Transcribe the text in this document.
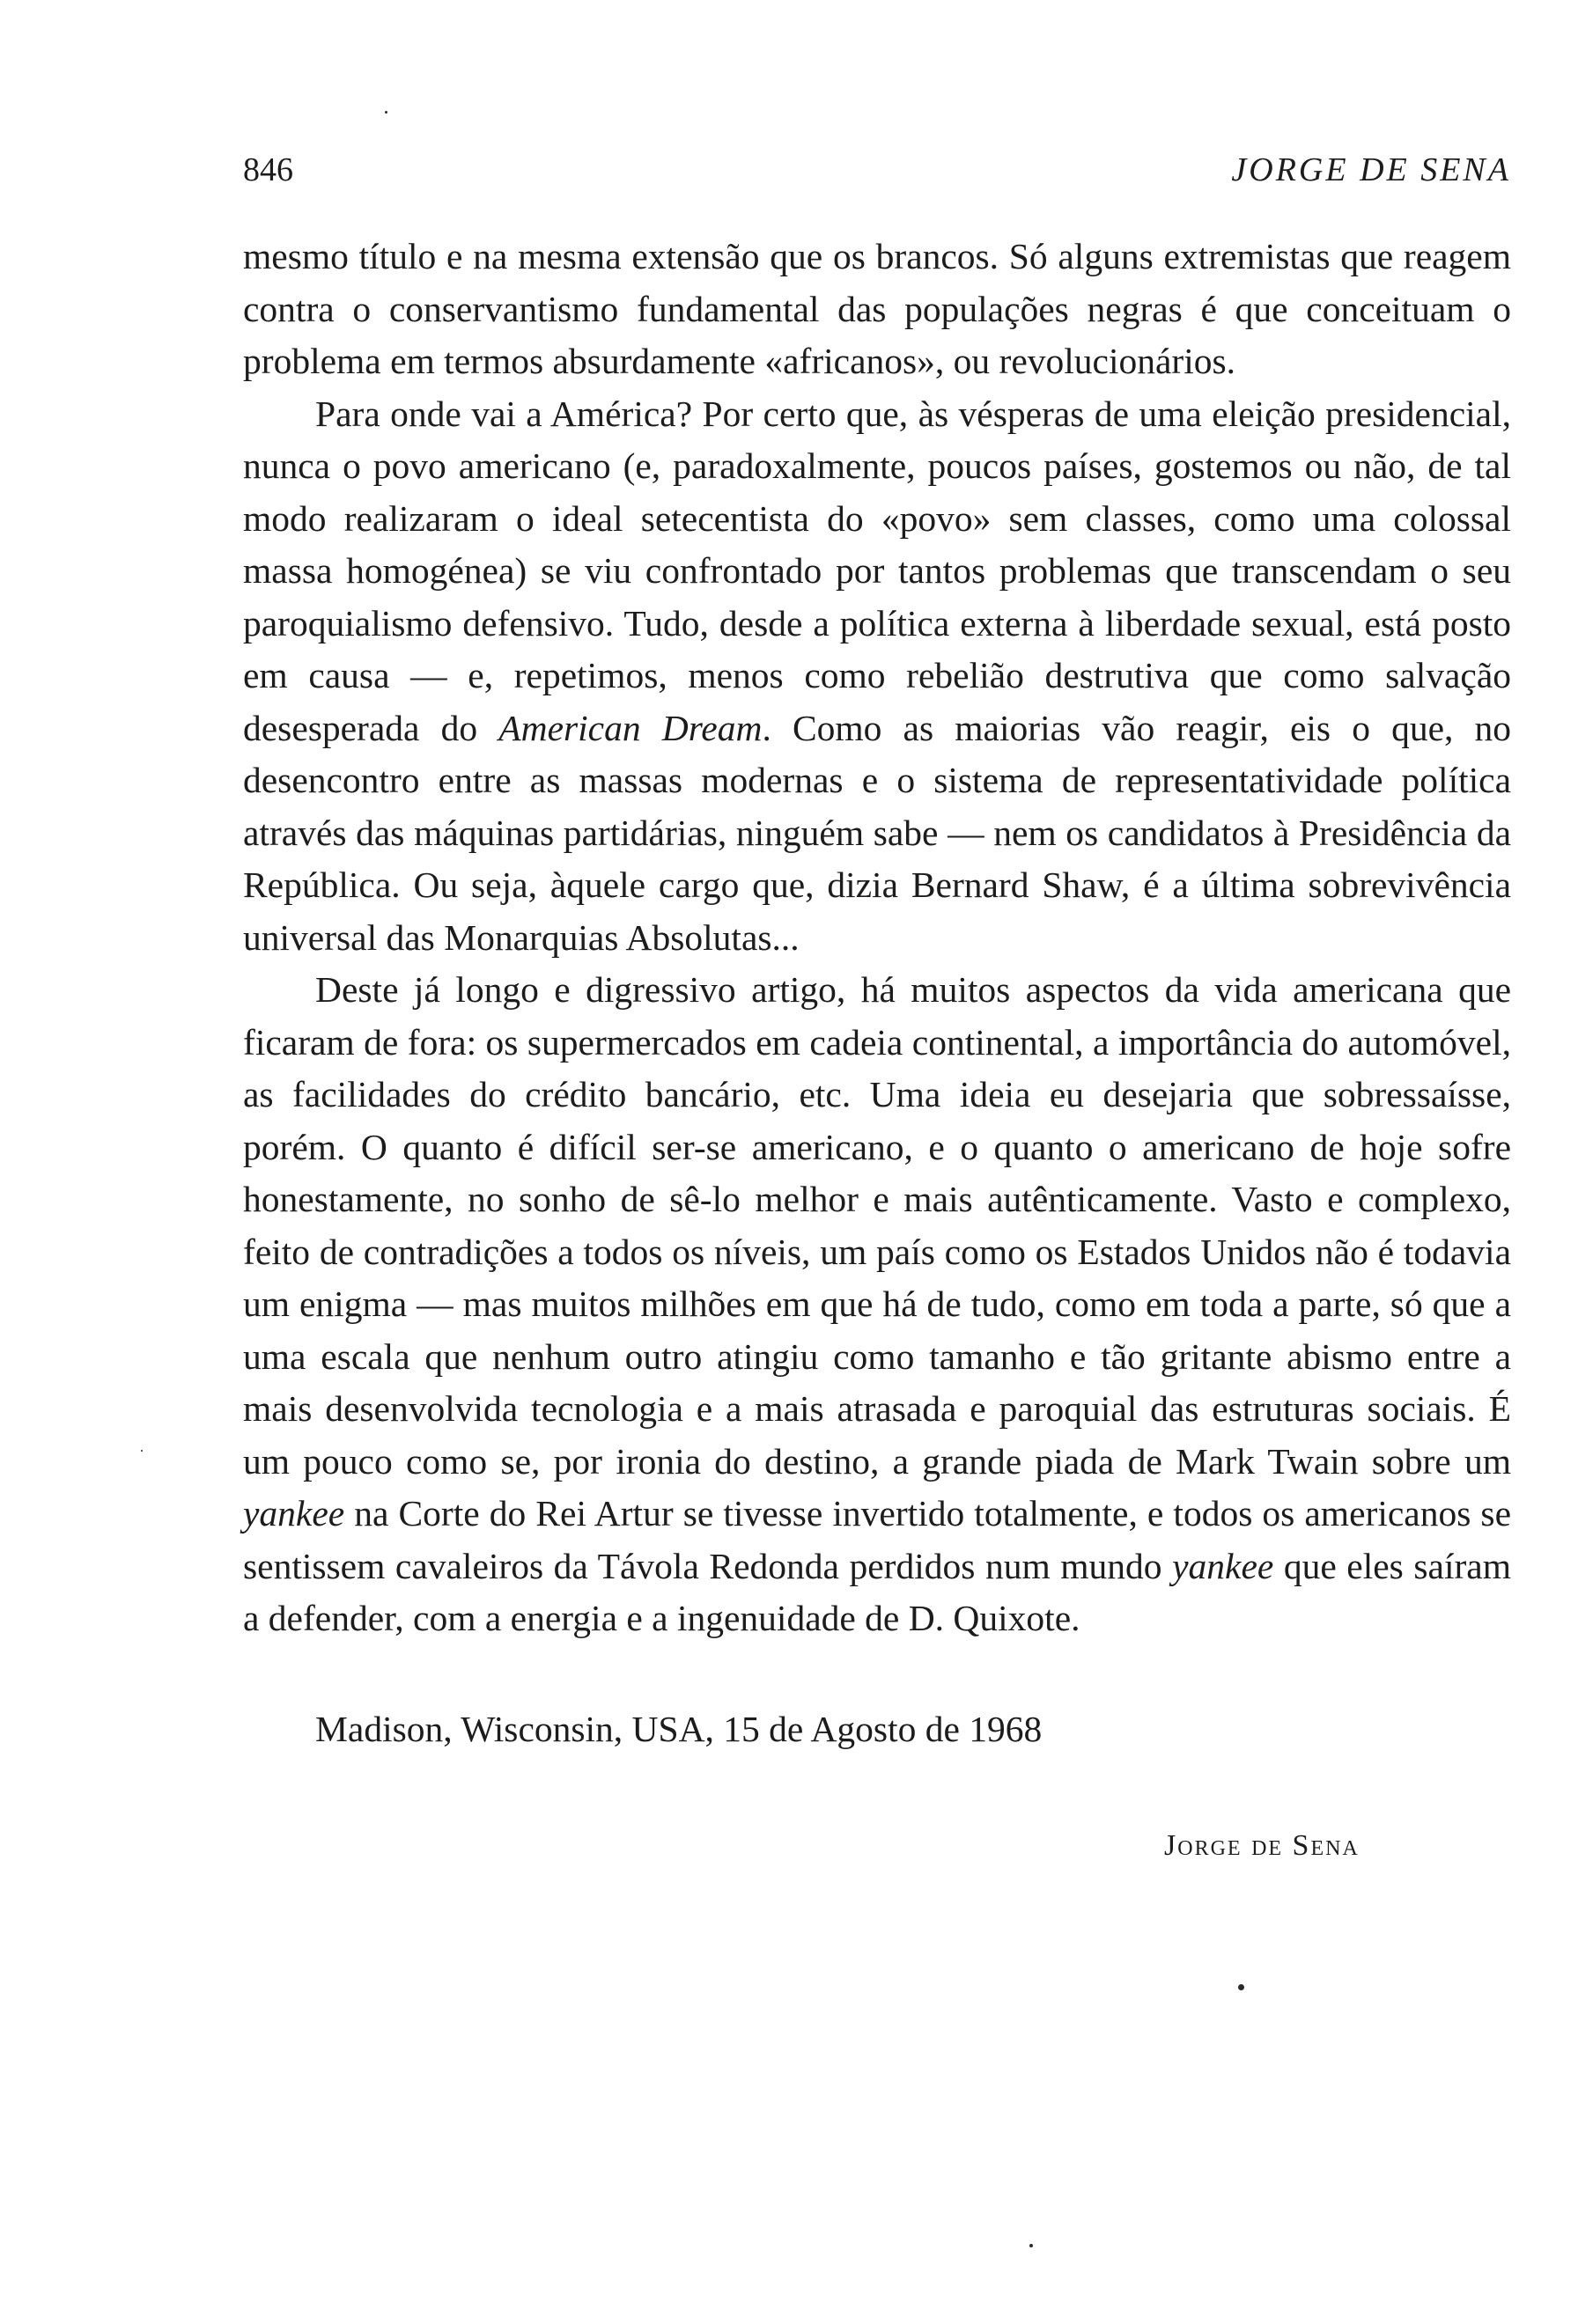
846	JORGE DE SENA

mesmo título e na mesma extensão que os brancos. Só alguns extremistas que reagem contra o conservantismo fundamental das populações negras é que conceituam o problema em termos absurdamente «africanos», ou revolucionários.

Para onde vai a América? Por certo que, às vésperas de uma eleição presidencial, nunca o povo americano (e, paradoxalmente, poucos países, gostemos ou não, de tal modo realizaram o ideal setecentista do «povo» sem classes, como uma colossal massa homogénea) se viu confrontado por tantos problemas que transcendam o seu paroquialismo defensivo. Tudo, desde a política externa à liberdade sexual, está posto em causa — e, repetimos, menos como rebelião destrutiva que como salvação desesperada do American Dream. Como as maiorias vão reagir, eis o que, no desencontro entre as massas modernas e o sistema de representatividade política através das máquinas partidárias, ninguém sabe — nem os candidatos à Presidência da República. Ou seja, àquele cargo que, dizia Bernard Shaw, é a última sobrevivência universal das Monarquias Absolutas...

Deste já longo e digressivo artigo, há muitos aspectos da vida americana que ficaram de fora: os supermercados em cadeia continental, a importância do automóvel, as facilidades do crédito bancário, etc. Uma ideia eu desejaria que sobressaísse, porém. O quanto é difícil ser-se americano, e o quanto o americano de hoje sofre honestamente, no sonho de sê-lo melhor e mais autênticamente. Vasto e complexo, feito de contradições a todos os níveis, um país como os Estados Unidos não é todavia um enigma — mas muitos milhões em que há de tudo, como em toda a parte, só que a uma escala que nenhum outro atingiu como tamanho e tão gritante abismo entre a mais desenvolvida tecnologia e a mais atrasada e paroquial das estruturas sociais. É um pouco como se, por ironia do destino, a grande piada de Mark Twain sobre um yankee na Corte do Rei Artur se tivesse invertido totalmente, e todos os americanos se sentissem cavaleiros da Távola Redonda perdidos num mundo yankee que eles saíram a defender, com a energia e a ingenuidade de D. Quixote.

Madison, Wisconsin, USA, 15 de Agosto de 1968
Jorge de Sena
